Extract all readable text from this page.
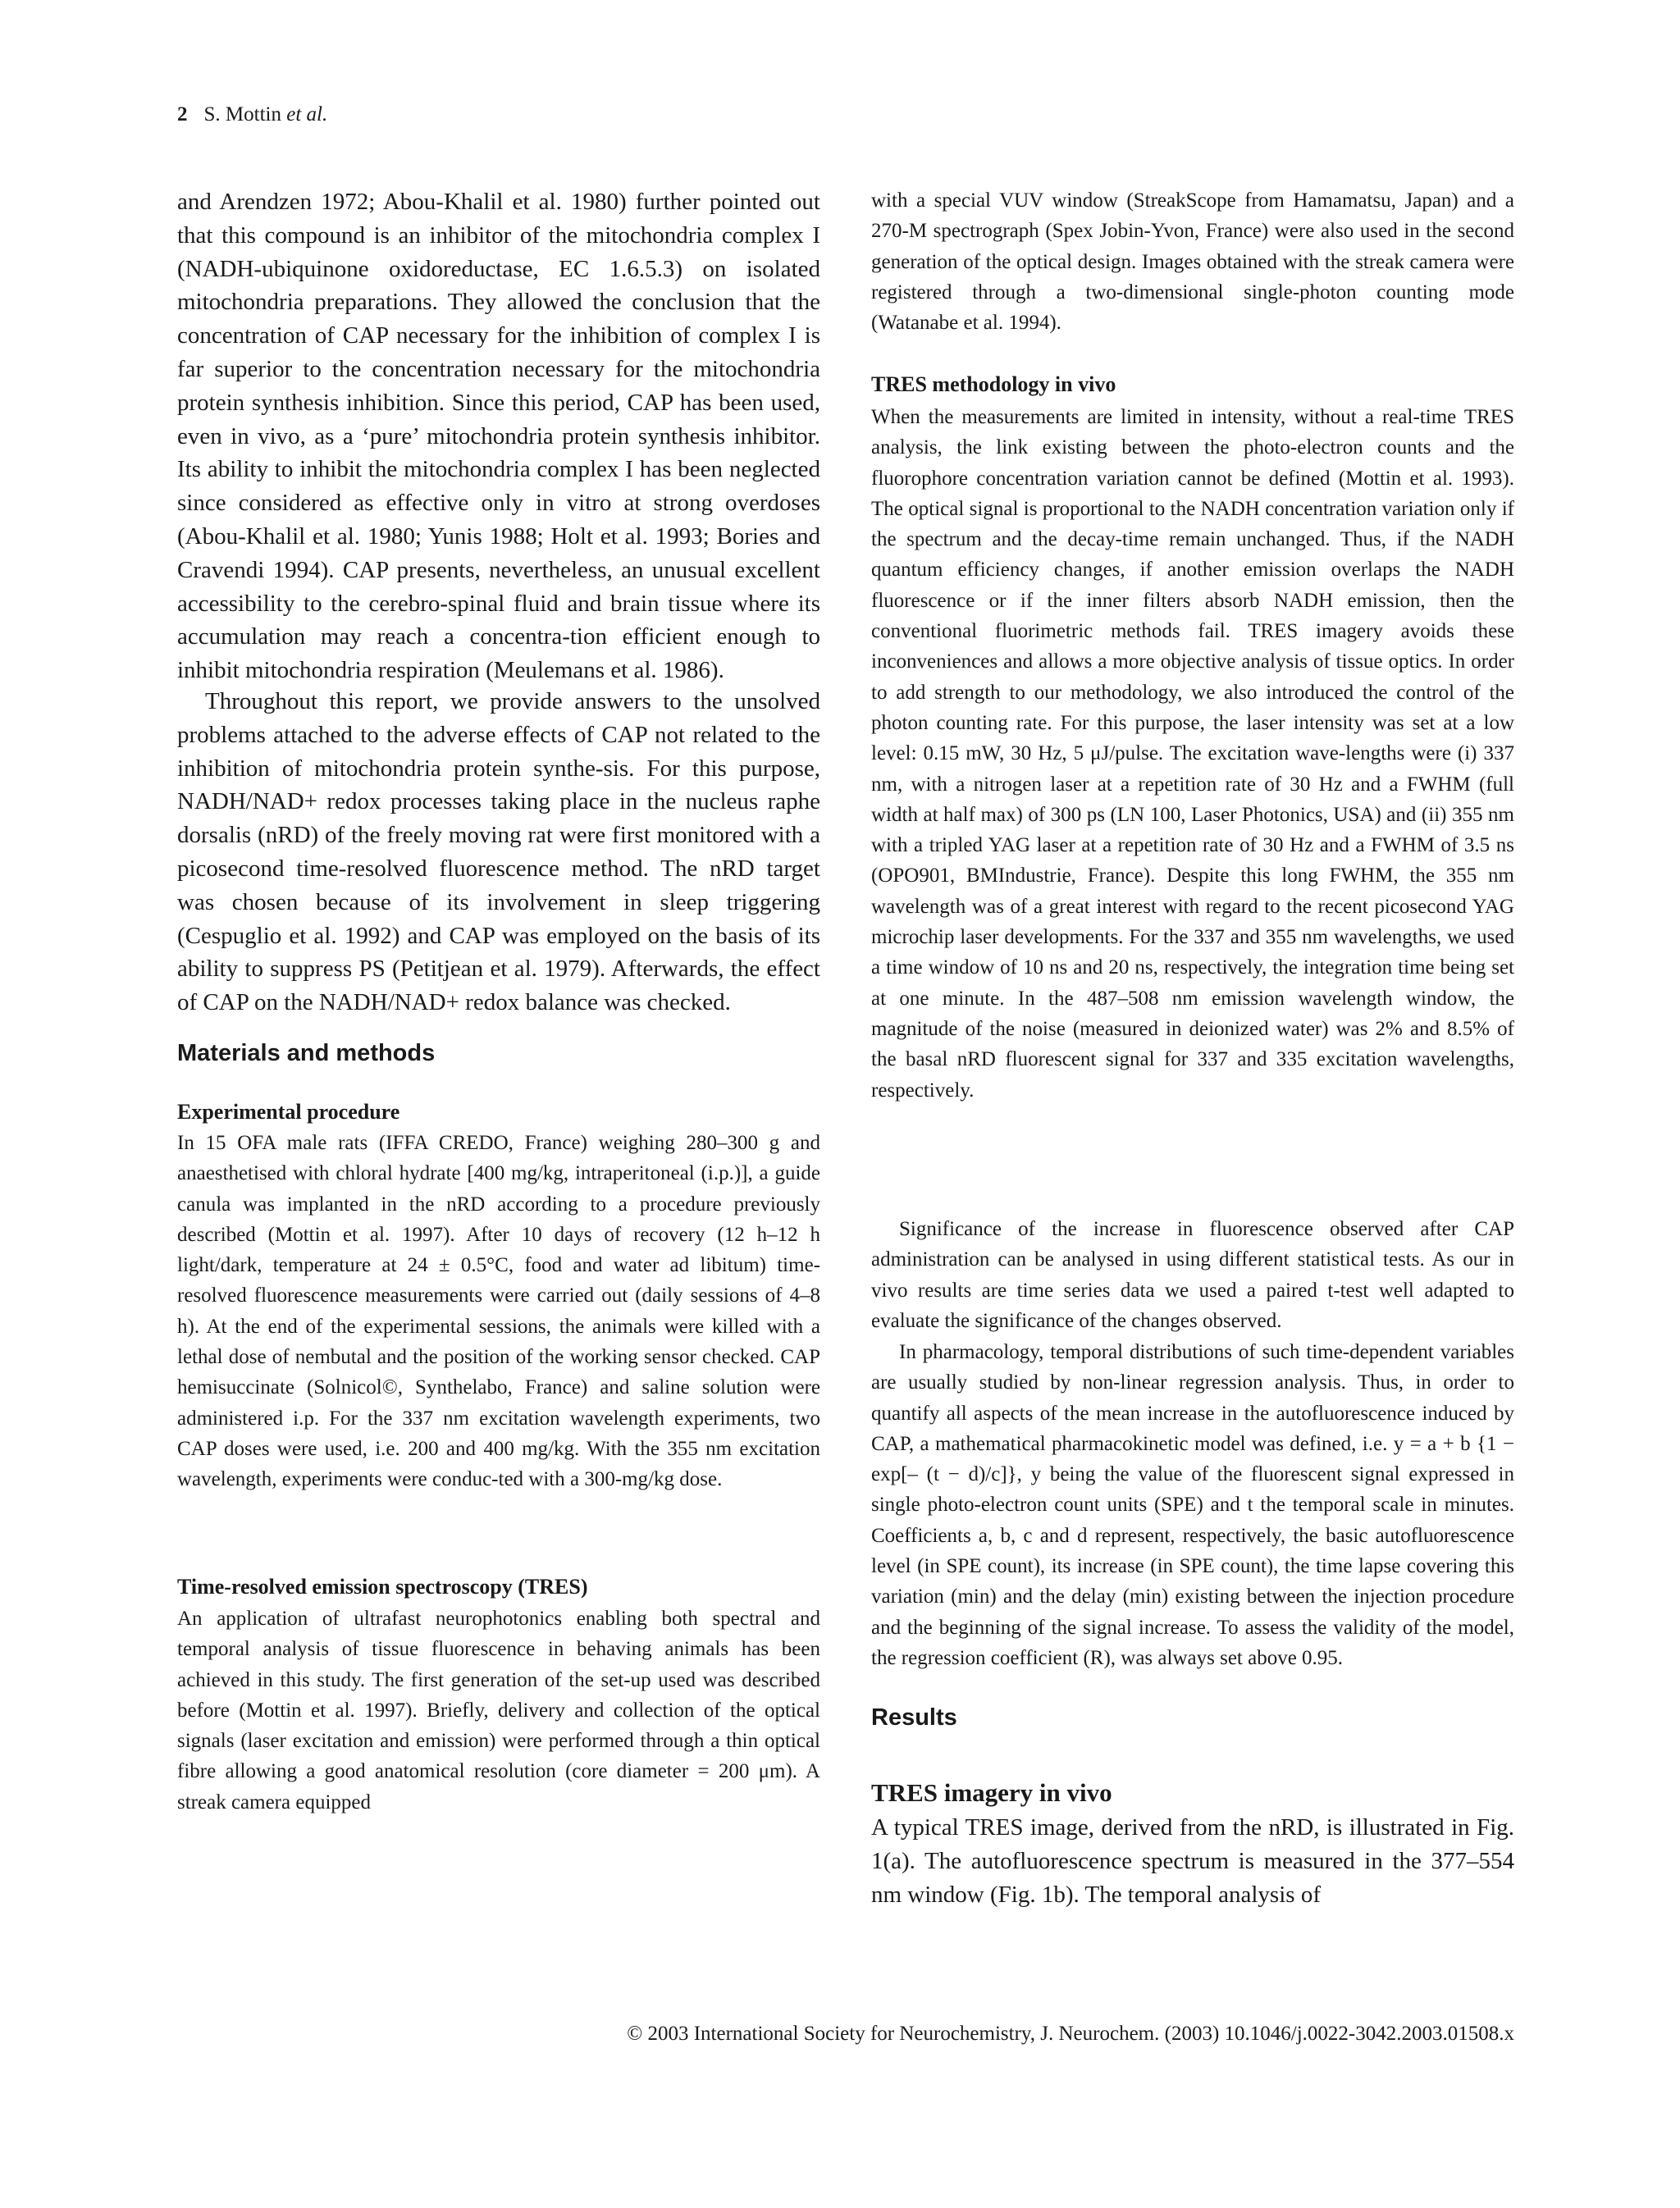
2 S. Mottin et al.

and Arendzen 1972; Abou-Khalil et al. 1980) further pointed out that this compound is an inhibitor of the mitochondria complex I (NADH-ubiquinone oxidoreductase, EC 1.6.5.3) on isolated mitochondria preparations. They allowed the conclusion that the concentration of CAP necessary for the inhibition of complex I is far superior to the concentration necessary for the mitochondria protein synthesis inhibition. Since this period, CAP has been used, even in vivo, as a ‘pure’ mitochondria protein synthesis inhibitor. Its ability to inhibit the mitochondria complex I has been neglected since considered as effective only in vitro at strong overdoses (Abou-Khalil et al. 1980; Yunis 1988; Holt et al. 1993; Bories and Cravendi 1994). CAP presents, nevertheless, an unusual excellent accessibility to the cerebro-spinal fluid and brain tissue where its accumulation may reach a concentra-tion efficient enough to inhibit mitochondria respiration (Meulemans et al. 1986).

Throughout this report, we provide answers to the unsolved problems attached to the adverse effects of CAP not related to the inhibition of mitochondria protein synthe-sis. For this purpose, NADH/NAD+ redox processes taking place in the nucleus raphe dorsalis (nRD) of the freely moving rat were first monitored with a picosecond time-resolved fluorescence method. The nRD target was chosen because of its involvement in sleep triggering (Cespuglio et al. 1992) and CAP was employed on the basis of its ability to suppress PS (Petitjean et al. 1979). Afterwards, the effect of CAP on the NADH/NAD+ redox balance was checked.

Materials and methods
Experimental procedure

In 15 OFA male rats (IFFA CREDO, France) weighing 280–300 g and anaesthetised with chloral hydrate [400 mg/kg, intraperitoneal (i.p.)], a guide canula was implanted in the nRD according to a procedure previously described (Mottin et al. 1997). After 10 days of recovery (12 h–12 h light/dark, temperature at 24 ± 0.5°C, food and water ad libitum) time-resolved fluorescence measurements were carried out (daily sessions of 4–8 h). At the end of the experimental sessions, the animals were killed with a lethal dose of nembutal and the position of the working sensor checked. CAP hemisuccinate (Solnicol©, Synthelabo, France) and saline solution were administered i.p. For the 337 nm excitation wavelength experiments, two CAP doses were used, i.e. 200 and 400 mg/kg. With the 355 nm excitation wavelength, experiments were conduc-ted with a 300-mg/kg dose.

Time-resolved emission spectroscopy (TRES)

An application of ultrafast neurophotonics enabling both spectral and temporal analysis of tissue fluorescence in behaving animals has been achieved in this study. The first generation of the set-up used was described before (Mottin et al. 1997). Briefly, delivery and collection of the optical signals (laser excitation and emission) were performed through a thin optical fibre allowing a good anatomical resolution (core diameter = 200 μm). A streak camera equipped

with a special VUV window (StreakScope from Hamamatsu, Japan) and a 270-M spectrograph (Spex Jobin-Yvon, France) were also used in the second generation of the optical design. Images obtained with the streak camera were registered through a two-dimensional single-photon counting mode (Watanabe et al. 1994).

TRES methodology in vivo

When the measurements are limited in intensity, without a real-time TRES analysis, the link existing between the photo-electron counts and the fluorophore concentration variation cannot be defined (Mottin et al. 1993). The optical signal is proportional to the NADH concentration variation only if the spectrum and the decay-time remain unchanged. Thus, if the NADH quantum efficiency changes, if another emission overlaps the NADH fluorescence or if the inner filters absorb NADH emission, then the conventional fluorimetric methods fail. TRES imagery avoids these inconveniences and allows a more objective analysis of tissue optics. In order to add strength to our methodology, we also introduced the control of the photon counting rate. For this purpose, the laser intensity was set at a low level: 0.15 mW, 30 Hz, 5 μJ/pulse. The excitation wave-lengths were (i) 337 nm, with a nitrogen laser at a repetition rate of 30 Hz and a FWHM (full width at half max) of 300 ps (LN 100, Laser Photonics, USA) and (ii) 355 nm with a tripled YAG laser at a repetition rate of 30 Hz and a FWHM of 3.5 ns (OPO901, BMIndustrie, France). Despite this long FWHM, the 355 nm wavelength was of a great interest with regard to the recent picosecond YAG microchip laser developments. For the 337 and 355 nm wavelengths, we used a time window of 10 ns and 20 ns, respectively, the integration time being set at one minute. In the 487–508 nm emission wavelength window, the magnitude of the noise (measured in deionized water) was 2% and 8.5% of the basal nRD fluorescent signal for 337 and 335 excitation wavelengths, respectively.

Significance of the increase in fluorescence observed after CAP administration can be analysed in using different statistical tests. As our in vivo results are time series data we used a paired t-test well adapted to evaluate the significance of the changes observed.

In pharmacology, temporal distributions of such time-dependent variables are usually studied by non-linear regression analysis. Thus, in order to quantify all aspects of the mean increase in the autofluorescence induced by CAP, a mathematical pharmacokinetic model was defined, i.e. y = a + b {1 − exp[– (t − d)/c]}, y being the value of the fluorescent signal expressed in single photo-electron count units (SPE) and t the temporal scale in minutes. Coefficients a, b, c and d represent, respectively, the basic autofluorescence level (in SPE count), its increase (in SPE count), the time lapse covering this variation (min) and the delay (min) existing between the injection procedure and the beginning of the signal increase. To assess the validity of the model, the regression coefficient (R), was always set above 0.95.

Results
TRES imagery in vivo

A typical TRES image, derived from the nRD, is illustrated in Fig. 1(a). The autofluorescence spectrum is measured in the 377–554 nm window (Fig. 1b). The temporal analysis of

© 2003 International Society for Neurochemistry, J. Neurochem. (2003) 10.1046/j.0022-3042.2003.01508.x
